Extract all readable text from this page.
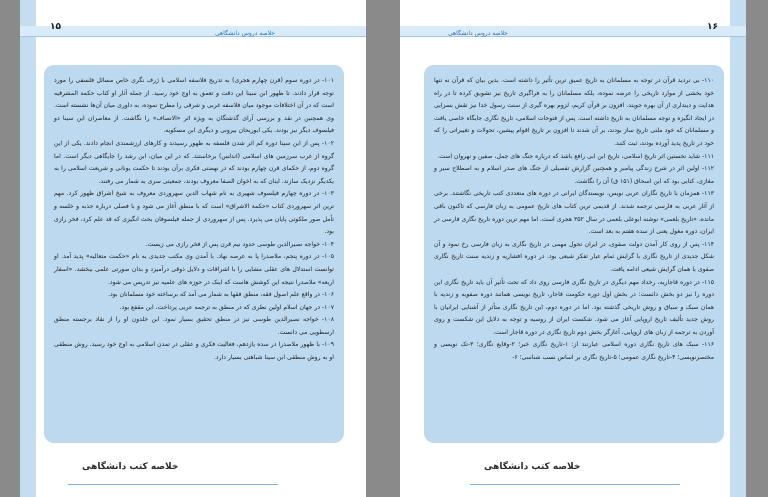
۱۵
خلاصه دروس دانشگاهی

۱۰۱- در دوره سوم (قرن چهارم هجری) به تدریج فلاسفه اسلامی با ژرف نگری خاص مسائل فلسفی را مورد توجه قرار دادند. تا ظهور ابن سینا این دقت و تعمق به اوج خود رسید. از جمله آثار او کتاب حکمة المشرقیه است که در آن اختلافات موجود میان فلاسفه غربی و شرقی را مطرح نموده، به داوری میان آن‌ها نشسته است. وی همچنین در نقد و بررسی آرای گذشتگان به ویژه اثر «الانصاف» را نگاشت. از معاصران ابن سینا دو فیلسوف دیگر نیز بودند. یکی ابوریحان بیرونی و دیگری ابن مسکویه.

۱۰۲- پس از ابن سینا دوره کم اثر شدن فلسفه به ظهور رسیدند و کارهای ارزشمندی انجام دادند. یکی از این گروه از غرب سرزمین های اسلامی (اندلس) برخاستند. که در این میان، ابن رشد را جایگاهی دیگر است. اما گروه دوم، از حکمای قرن چهارم بودند که در نهضتی فکری برآن بودند تا حکمت یونانی و شریعت اسلامی را به یکدیگر نزدیک سازند. اینان که به اخوان الصفا معروف بودند، جمعیتی سری به شمار می رفتند.

۱۰۳- در دوره چهارم فیلسوف شهیری به نام شهاب الدین سهروردی معروف به شیخ اشراق ظهور کرد. مهم ترین اثر سهروردی کتاب «حکمة الاشراق» است که با منطق آغاز می شود و با فصلی درباره جذبه و خلسه و تأمل صور ملکوتی پایان می پذیرد. پس از سهروردی از جمله فیلسوفان بحث انگیزی که قد علم کرد، فخر رازی بود.

۱۰۴- خواجه نصیرالدین طوسی حدود نیم قرن پس از فخر رازی می زیست.

۱۰۵- در دوره پنجم، ملاصدرا پا به عرصه نهاد. با آمدن وی مکتب جدیدی به نام «حکمت متعالیه» پدید آمد. او توانست استدلال های عقلی مشایی را با اشراقات و دلایل ذوقی درآمیزد و بدان صورتی علمی ببخشد. «اسفار اربعه» ملاصدرا نتیجه این کوشش هاست که اینک در حوزه های علمیه نیز تدریس می شود.

۱۰۶- در واقع علم اصول فقه، منطق فقها به شمار می آمد که برساخته خود مسلمانان بود.

۱۰۷- در جهان اسلام اولین نظری که در منطق به ترجمه عربی پرداخت، ابن مقفع بود.

۱۰۸- خواجه نصیرالدین طوسی نیز در منطق تحقیق بسیار نمود. ابن خلدون او را از نقاد برجسته منطق ارسطویی می دانست.

۱۰۹- با ظهور ملاصدرا در سده یازدهم، فعالیت فکری و عقلی در تمدن اسلامی به اوج خود رسید. روش منطقی او به روش منطقی ابن سینا شباهتی بسیار دارد.

خلاصه کتب دانشگاهی
۱۶
خلاصه دروس دانشگاهی

۱۱۰- بی تردید قرآن در توجه به مسلمانان به تاریخ عمیق ترین تأثیر را داشته است. بدین بیان که قرآن نه تنها خود بخشی از موارد تاریخی را عرضه نموده، بلکه مسلمانان را به فراگیری تاریخ نیز تشویق کرده تا در راه هدایت و دینداری از آن بهره جویند. افزون بر قرآن کریم، لزوم بهره گیری از سنت رسول خدا نیز نقش بسزایی در ایجاد انگیزه و توجه مسلمانان به تاریخ داشته است. پس از فتوحات اسلامی، تاریخ نگاری جایگاه خاصی یافت و مسلمانان که خود ملتی تاریخ ساز بودند، بر آن شدند تا افزون بر تاریخ اقوام پیشین، تحولات و تغییراتی را که خود در تاریخ پدید آورده بودند، ثبت کنند.

۱۱۱- شاید نخستین اثر تاریخ اسلامی، تاریخ ابن ابی رافع باشد که درباره جنگ های جمل، صفین و نهروان است.

۱۱۲- اولین اثر در شرح زندگی پیامبر و همچنین گزارش تفصیلی از جنگ های صدر اسلام و به اصطلاح سیر و مغازی، کتابی بود که ابن اسحاق (۱۵۱ ق) آن را نگاشت.

۱۱۳- همزمان با تاریخ نگاران عربی نویس، نویسندگان ایرانی در دوره های متعددی کتب تاریخی نگاشتند. برخی از آثار عربی به فارسی ترجمه شدند. از قدیمی ترین کتاب های تاریخ عمومی به زبان فارسی که تاکنون باقی مانده، «تاریخ بلعمی» نوشته ابوعلی بلعمی در سال ۳۵۲ هجری است. اما مهم ترین دوره تاریخ نگاری فارسی در ایران، دوره مغول یعنی از سده هفتم به بعد است.

۱۱۴- پس از روی کار آمدن دولت صفوی، در ایران تحول مهمی در تاریخ نگاری به زبان فارسی رخ نمود و آن شکل جدیدی از تاریخ نگاری با گرایش تمام عیار تفکر شیعی بود. در دوره افشاریه و زندیه سنت تاریخ نگاری صفوی با همان گرایش شیعی ادامه یافت.

۱۱۵- در دوره قاجاریه، رخداد مهم دیگری در تاریخ نگاری فارسی روی داد که تحت تأثیر آن باید تاریخ نگاری این دوره را نیز دو بخش دانست: در بخش اول دوره حکومت قاجار، تاریخ نویسی همانند دوره صفویه و زندیه با همان سبک و سیاق و روش تاریخی گذشته بود. اما در دوره دوم، این تاریخ نگاری متأثر از آشنایی ایرانیان با روش جدید تألیف تاریخ اروپایی آغاز می شود. شکست ایران از روسیه و توجه به دلایل این شکست و روی آوردن به ترجمه از زبان های اروپایی، آغازگر بخش دوم تاریخ نگاری در دوره قاجار است.

۱۱۶- سبک های تاریخ نگاری دوره اسلامی عبارتند از: ۱-تاریخ نگاری خبر؛ ۲-وقایع نگاری؛ ۳-تک نویسی و مختصرنویسی؛ ۴-تاریخ نگاری عمومی؛ ۵-تاریخ نگاری بر اساس نسب شناسی؛ ۶-

خلاصه کتب دانشگاهی
